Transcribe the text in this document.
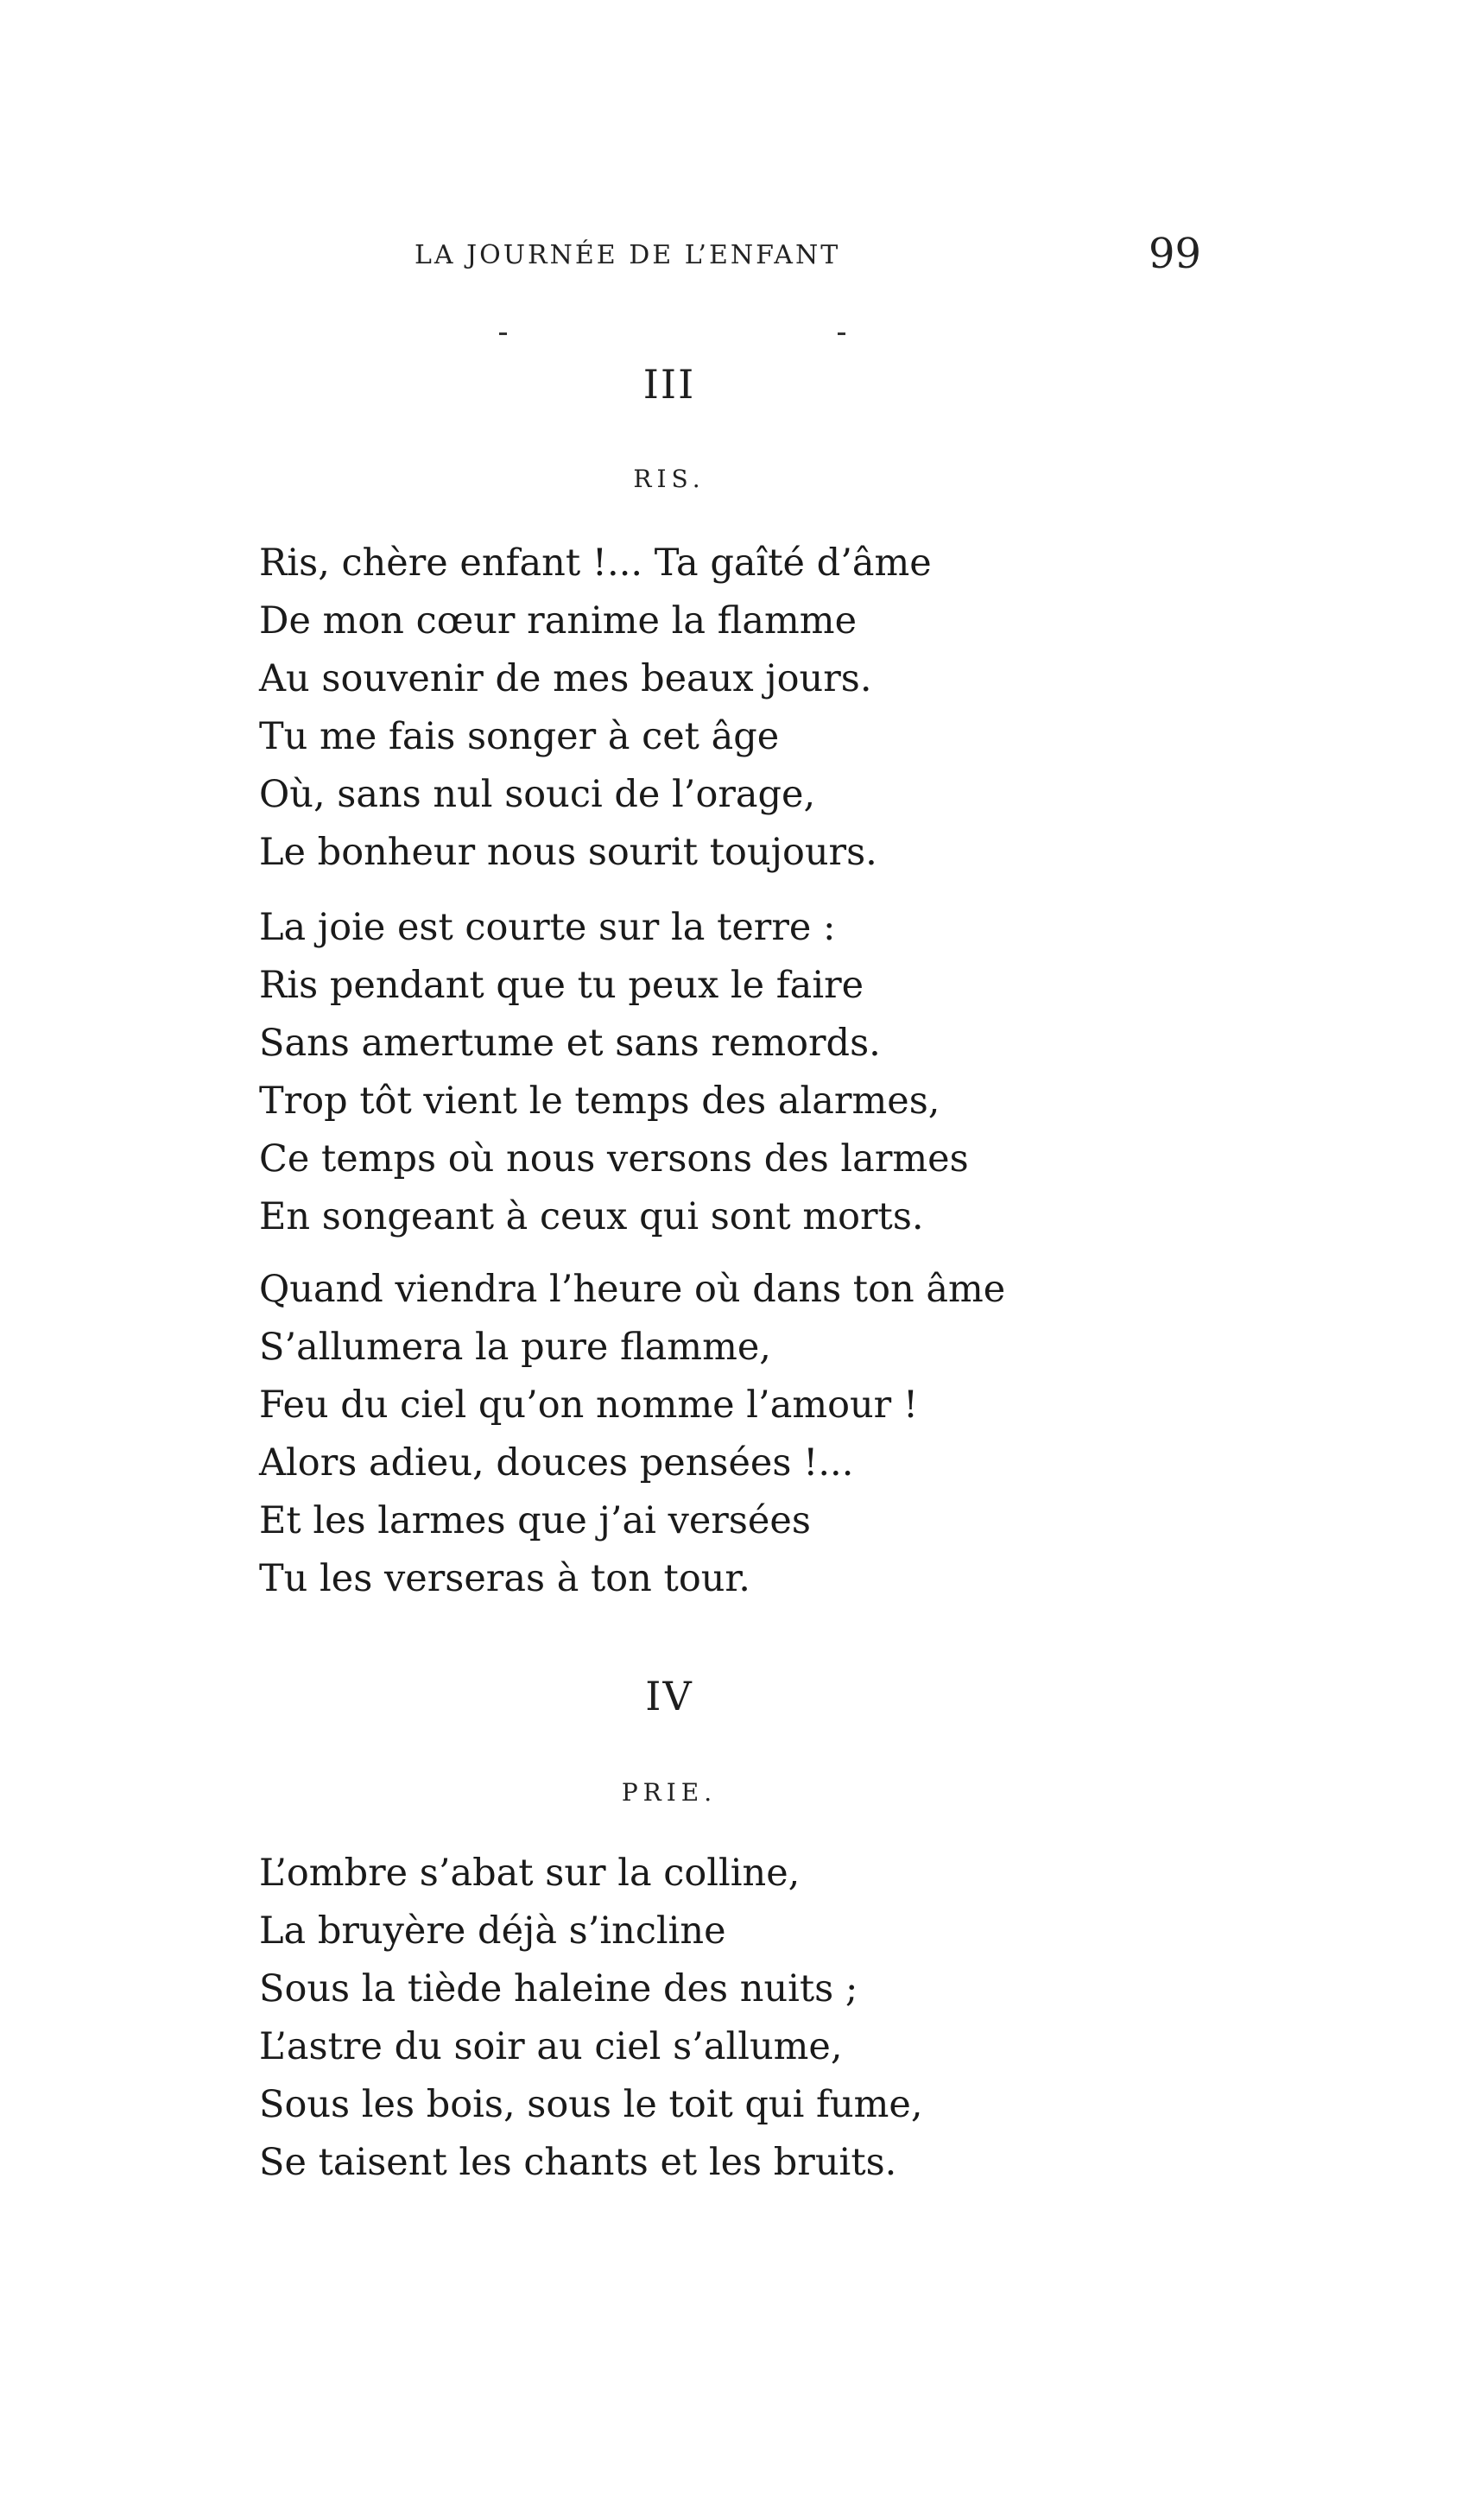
LA JOURNÉE DE L’ENFANT	99
III
RIS.
Ris, chère enfant !... Ta gaîté d’âme
De mon cœur ranime la flamme
Au souvenir de mes beaux jours.
Tu me fais songer à cet âge
Où, sans nul souci de l’orage,
Le bonheur nous sourit toujours.
La joie est courte sur la terre :
Ris pendant que tu peux le faire
Sans amertume et sans remords.
Trop tôt vient le temps des alarmes,
Ce temps où nous versons des larmes
En songeant à ceux qui sont morts.
Quand viendra l’heure où dans ton âme
S’allumera la pure flamme,
Feu du ciel qu’on nomme l’amour !
Alors adieu, douces pensées !...
Et les larmes que j’ai versées
Tu les verseras à ton tour.
IV
PRIE.
L’ombre s’abat sur la colline,
La bruyère déjà s’incline
Sous la tiède haleine des nuits ;
L’astre du soir au ciel s’allume,
Sous les bois, sous le toit qui fume,
Se taisent les chants et les bruits.
